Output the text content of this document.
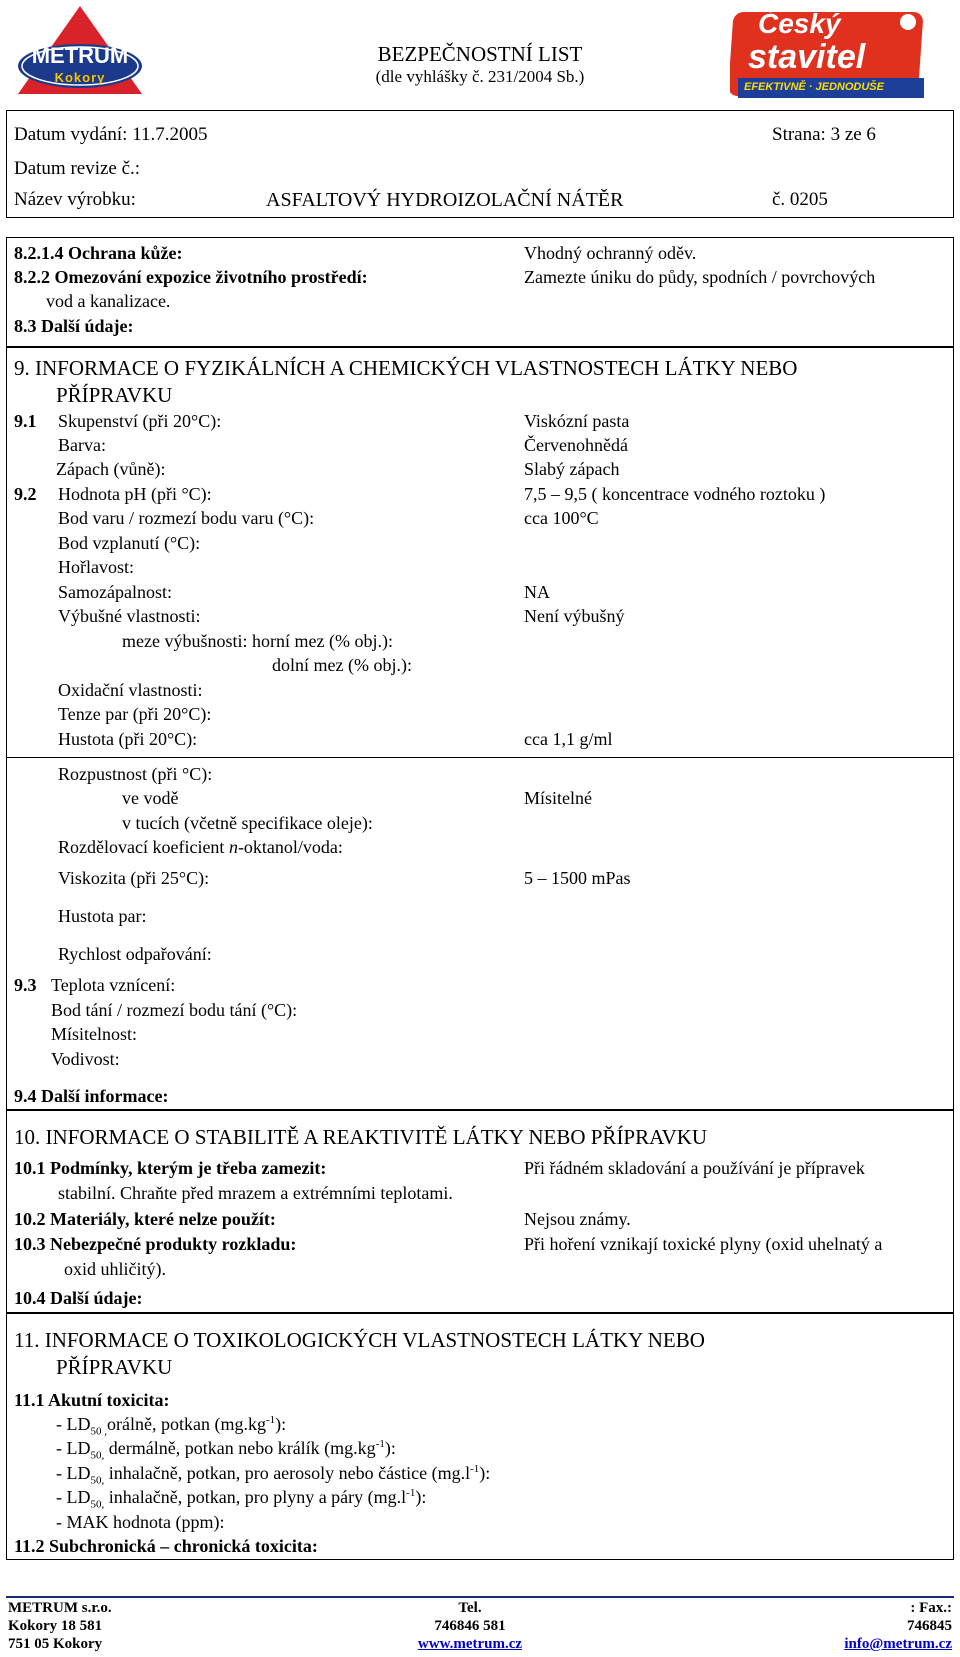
METRUM
Kokory
BEZPEČNOSTNÍ LIST
(dle vyhlášky č. 231/2004 Sb.)
Český
stavitel
EFEKTIVNĚ · JEDNODUŠE
Datum vydání: 11.7.2005	Strana: 3 ze 6
Datum revize č.:
Název výrobku:	ASFALTOVÝ HYDROIZOLAČNÍ NÁTĚR	č. 0205
8.2.1.4 Ochrana kůže:	Vhodný ochranný oděv.
8.2.2 Omezování expozice životního prostředí:	Zamezte úniku do půdy, spodních / povrchových
vod a kanalizace.
8.3 Další údaje:
9. INFORMACE O FYZIKÁLNÍCH A CHEMICKÝCH VLASTNOSTECH LÁTKY NEBO
PŘÍPRAVKU
9.1 Skupenství (při 20°C):	Viskózní pasta
Barva:	Červenohnědá
Zápach (vůně):	Slabý zápach
9.2 Hodnota pH (při °C):	7,5 – 9,5 ( koncentrace vodného roztoku )
Bod varu / rozmezí bodu varu (°C):	cca 100°C
Bod vzplanutí (°C):
Hořlavost:
Samozápalnost:	NA
Výbušné vlastnosti:	Není výbušný
meze výbušnosti: horní mez (% obj.):
dolní mez (% obj.):
Oxidační vlastnosti:
Tenze par (při 20°C):
Hustota (při 20°C):	cca 1,1 g/ml
Rozpustnost (při °C):
ve vodě	Mísitelné
v tucích (včetně specifikace oleje):
Rozdělovací koeficient n-oktanol/voda:
Viskozita (při 25°C):	5 – 1500 mPas
Hustota par:
Rychlost odpařování:
9.3 Teplota vznícení:
Bod tání / rozmezí bodu tání (°C):
Mísitelnost:
Vodivost:
9.4 Další informace:
10. INFORMACE O STABILITĚ A REAKTIVITĚ LÁTKY NEBO PŘÍPRAVKU
10.1 Podmínky, kterým je třeba zamezit:	Při řádném skladování a používání je přípravek
stabilní. Chraňte před mrazem a extrémními teplotami.
10.2 Materiály, které nelze použít:	Nejsou známy.
10.3 Nebezpečné produkty rozkladu:	Při hoření vznikají toxické plyny (oxid uhelnatý a
oxid uhličitý).
10.4 Další údaje:
11. INFORMACE O TOXIKOLOGICKÝCH VLASTNOSTECH LÁTKY NEBO
PŘÍPRAVKU
11.1 Akutní toxicita:
- $LD_{50}$ $_,$orálně, potkan $(mg.kg^{-1})$:
- $LD_{50,}$ dermálně, potkan nebo králík $(mg.kg^{-1})$:
- $LD_{50,}$ inhalačně, potkan, pro aerosoly nebo částice $(mg.l^{-1})$:
- $LD_{50,}$ inhalačně, potkan, pro plyny a páry $(mg.l^{-1})$:
- MAK hodnota (ppm):
11.2 Subchronická – chronická toxicita:
METRUM s.r.o.
Kokory 18 581
751 05 Kokory
Tel.
746846 581
www.metrum.cz
: Fax.:
746845
info@metrum.cz
